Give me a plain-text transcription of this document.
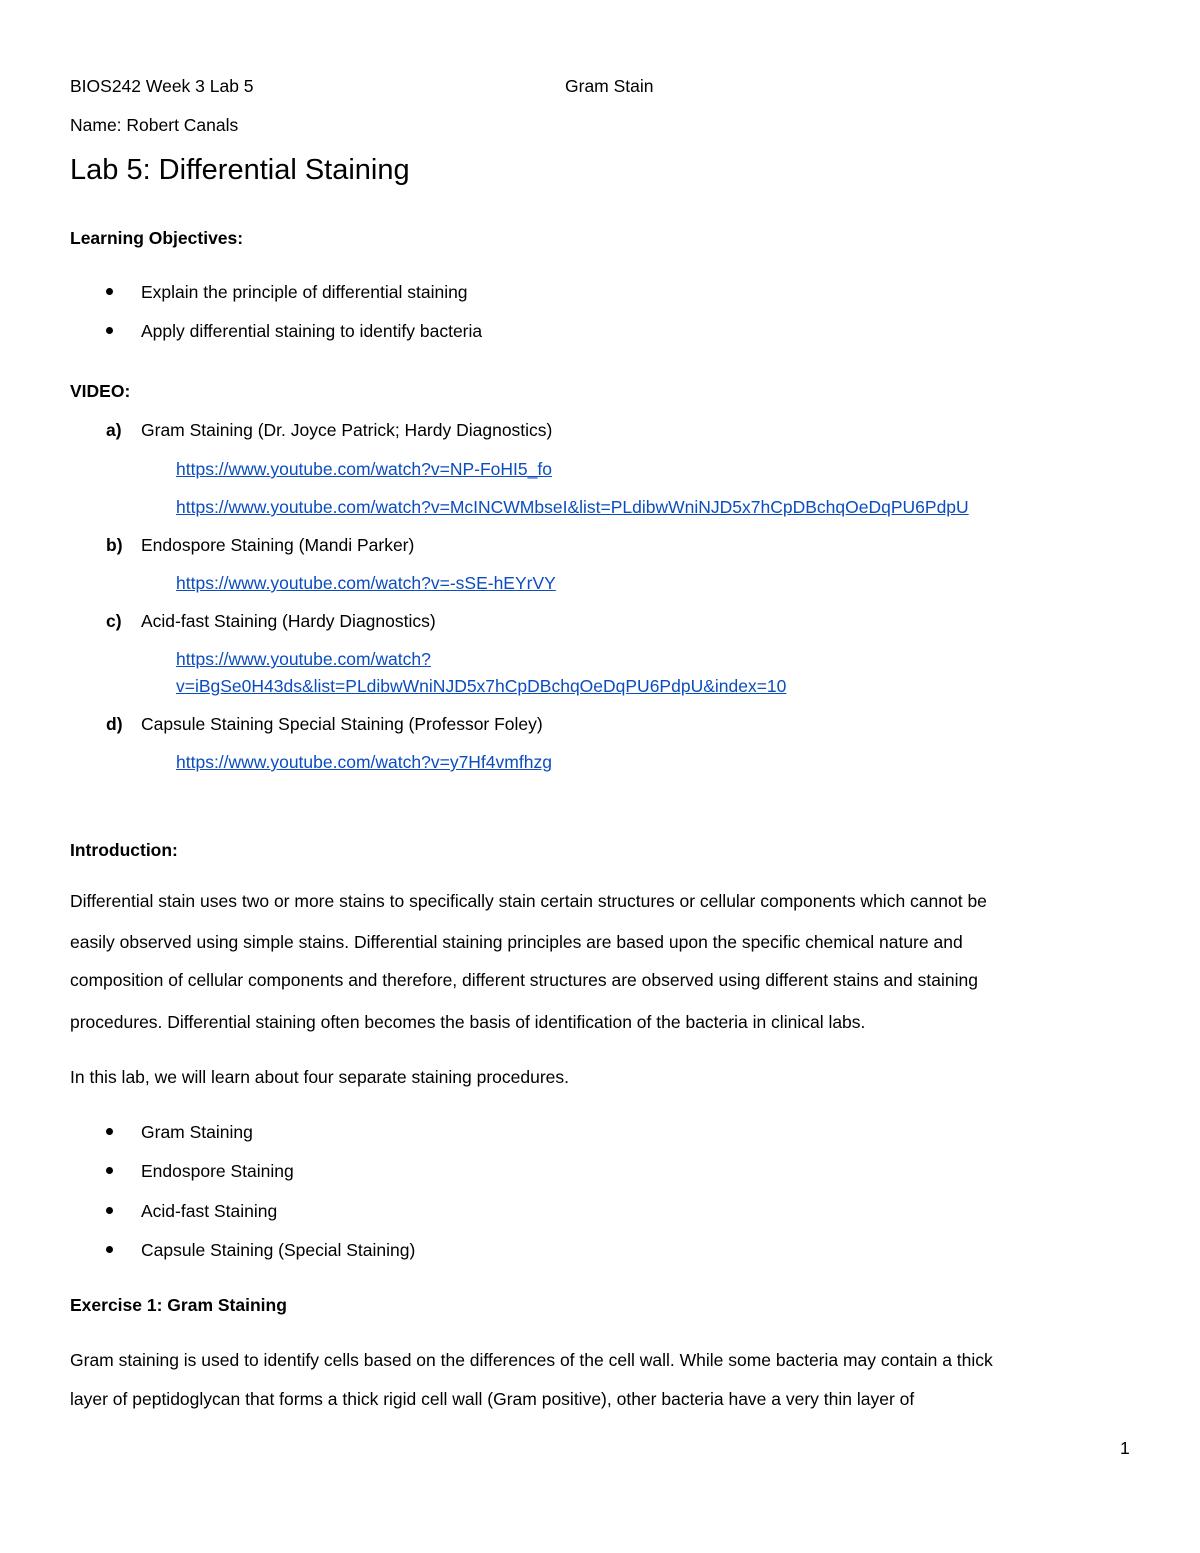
BIOS242 Week 3 Lab 5	Gram Stain
Name: Robert Canals
Lab 5: Differential Staining
Learning Objectives:
Explain the principle of differential staining
Apply differential staining to identify bacteria
VIDEO:
a) Gram Staining (Dr. Joyce Patrick; Hardy Diagnostics)
https://www.youtube.com/watch?v=NP-FoHI5_fo
https://www.youtube.com/watch?v=McINCWMbseI&list=PLdibwWniNJD5x7hCpDBchqOeDqPU6PdpU
b) Endospore Staining (Mandi Parker)
https://www.youtube.com/watch?v=-sSE-hEYrVY
c) Acid-fast Staining (Hardy Diagnostics)
https://www.youtube.com/watch?
v=iBgSe0H43ds&list=PLdibwWniNJD5x7hCpDBchqOeDqPU6PdpU&index=10
d) Capsule Staining Special Staining (Professor Foley)
https://www.youtube.com/watch?v=y7Hf4vmfhzg
Introduction:
Differential stain uses two or more stains to specifically stain certain structures or cellular components which cannot be
easily observed using simple stains. Differential staining principles are based upon the specific chemical nature and
composition of cellular components and therefore, different structures are observed using different stains and staining
procedures. Differential staining often becomes the basis of identification of the bacteria in clinical labs.
In this lab, we will learn about four separate staining procedures.
Gram Staining
Endospore Staining
Acid-fast Staining
Capsule Staining (Special Staining)
Exercise 1: Gram Staining
Gram staining is used to identify cells based on the differences of the cell wall. While some bacteria may contain a thick
layer of peptidoglycan that forms a thick rigid cell wall (Gram positive), other bacteria have a very thin layer of
1
